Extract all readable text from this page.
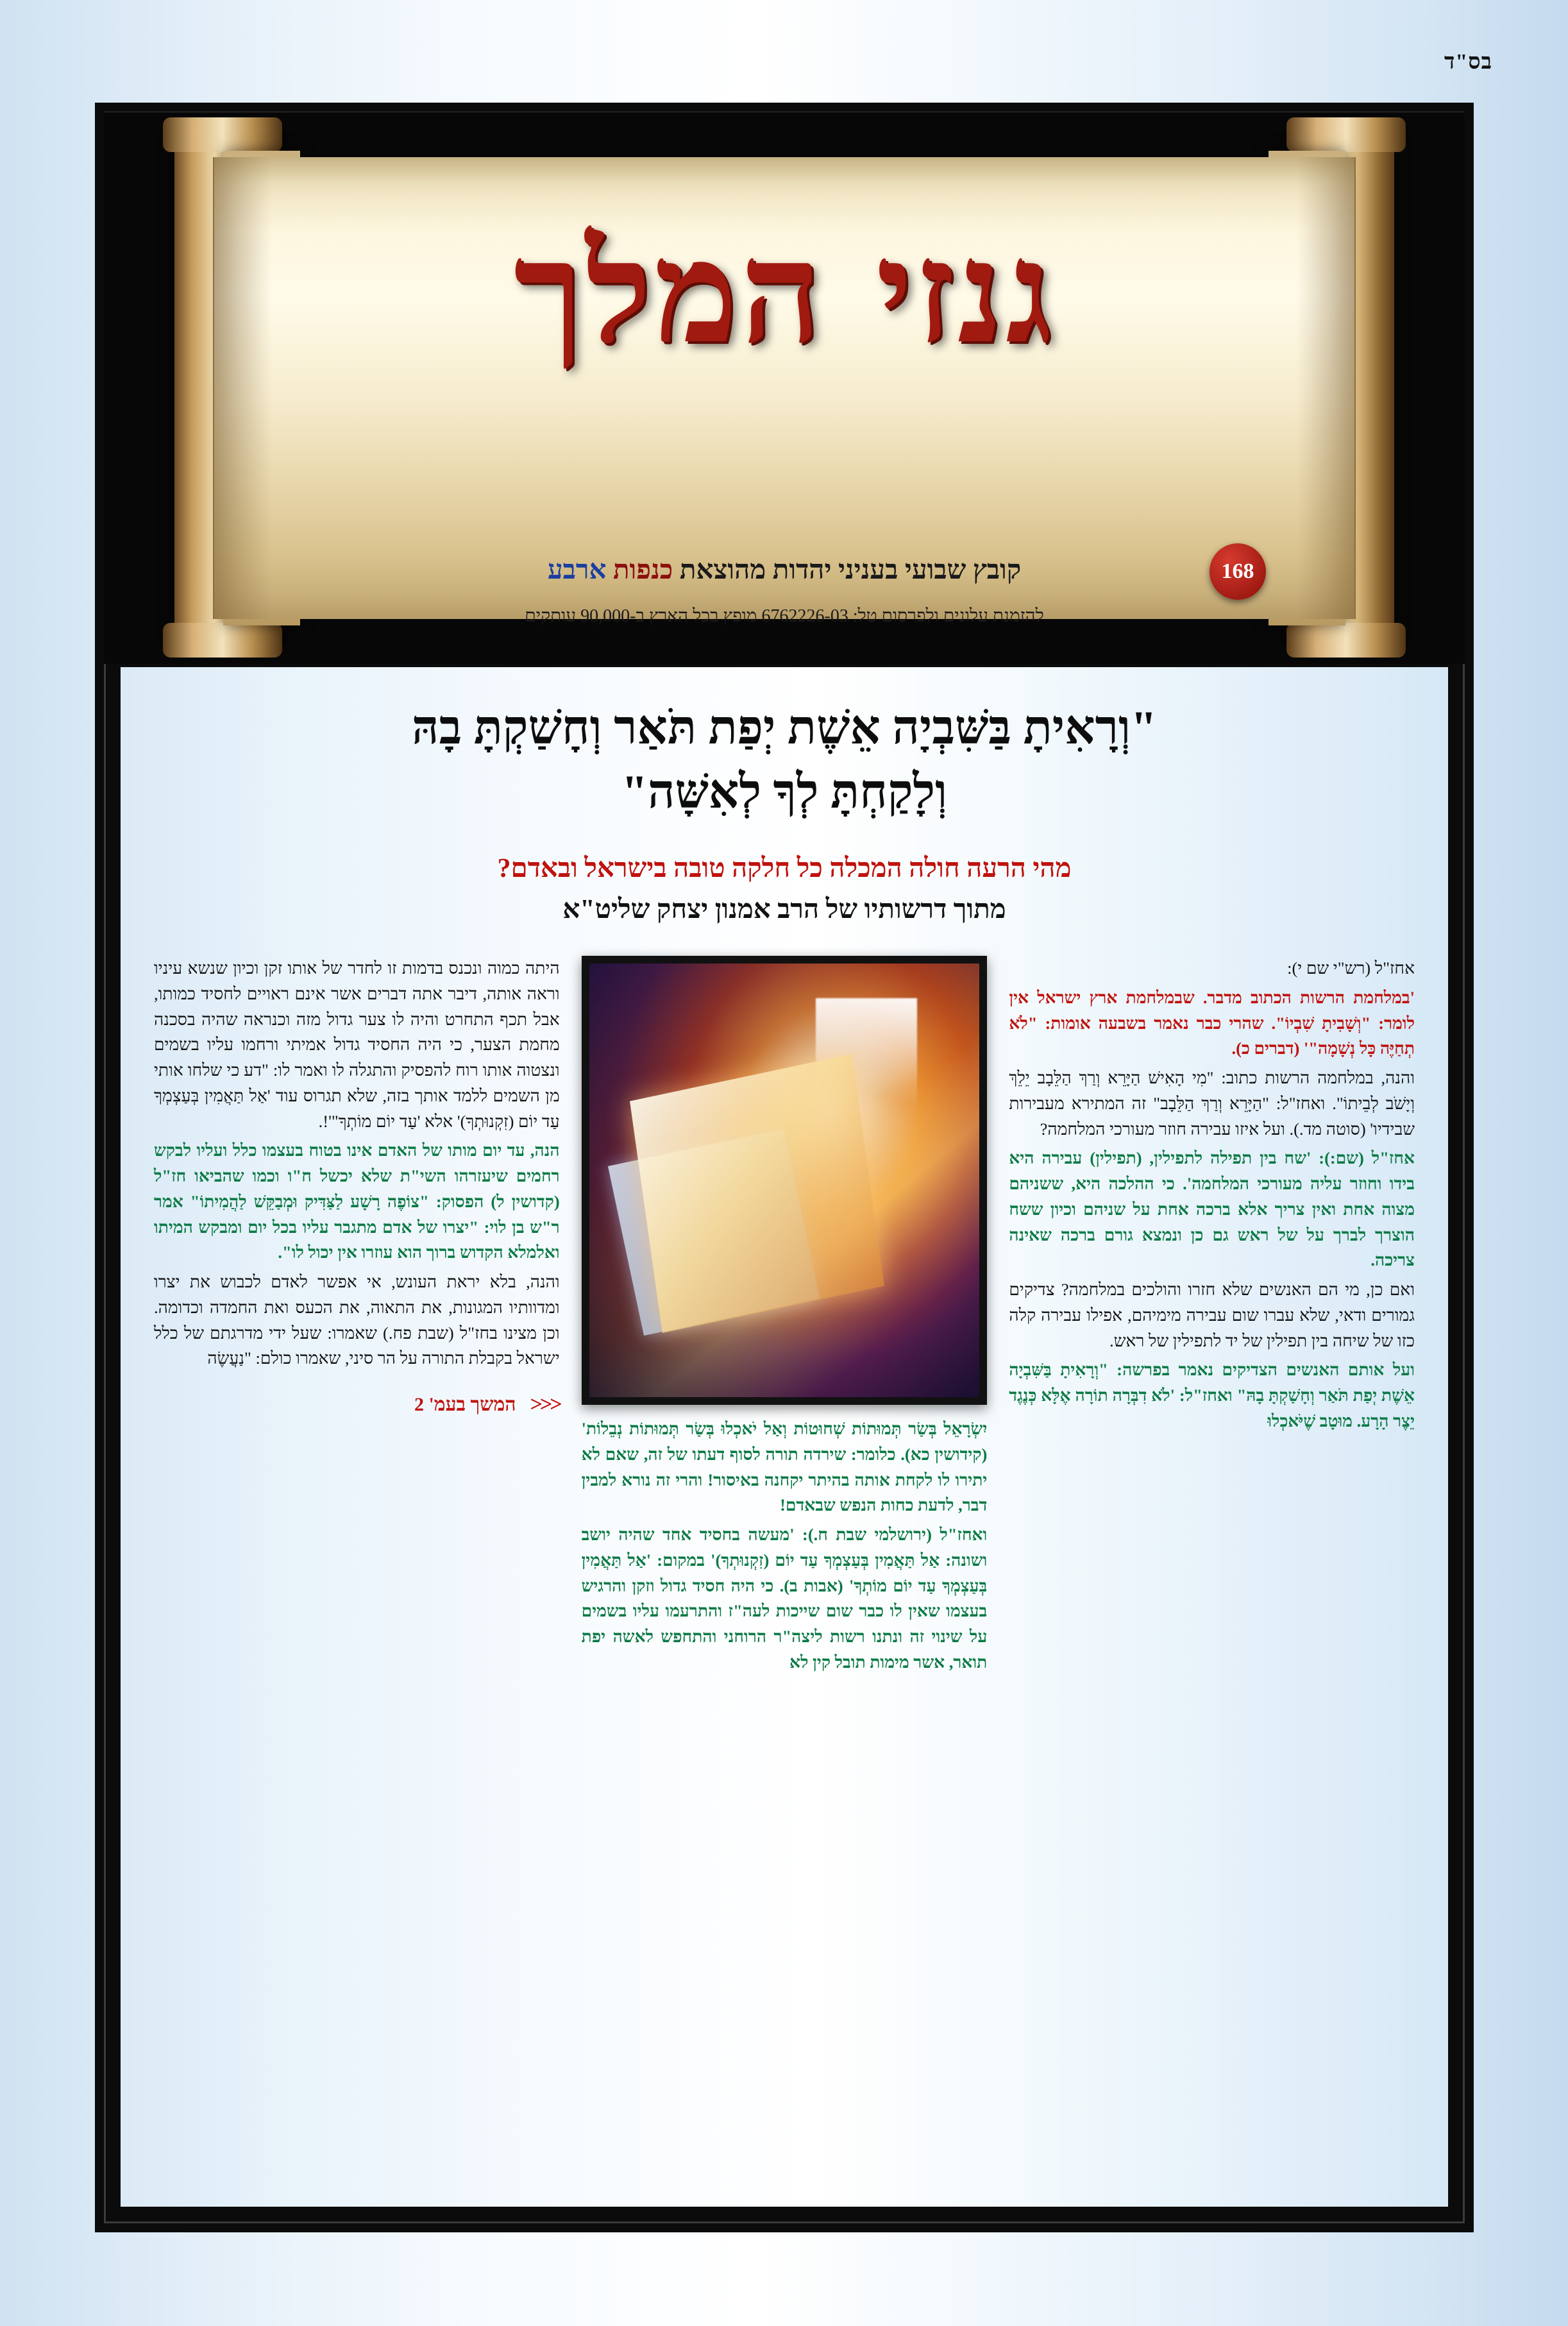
בס"ד
גנזי המלך
קובץ שבועי בעניני יהדות מהוצאת כנפות ארבע	168
להזמנת עלונים ולפרסום טל: 6762226-03 מופץ בכל הארץ ב-90,000 עותקים
"וְרָאִיתָ בַּשִּׁבְיָה אֵשֶׁת יְפַת תֹּאַר וְחָשַׁקְתָּ בָהּ
וְלָקַחְתָּ לְךָ לְאִשָּׁה"
מהי הרעה חולה המכלה כל חלקה טובה בישראל ובאדם?
מתוך דרשותיו של הרב אמנון יצחק שליט"א

אחז"ל (רש"י שם י):

'במלחמת הרשות הכתוב מדבר. שבמלחמת ארץ ישראל אין לומר: "וְשָׁבִיתָ שִׁבְיוֹ". שהרי כבר נאמר בשבעה אומות: "לֹא תְחַיֶּה כָּל נְשָׁמָה"' (דברים כ).

והנה, במלחמה הרשות כתוב: "מִי הָאִישׁ הַיָּרֵא וְרַךְ הַלֵּבָב יֵלֵךְ וְיָשֹׁב לְבֵיתוֹ". ואחז"ל: "הַיָּרֵא וְרַךְ הַלֵּבָב" זה המתירא מעבירות שבידיו' (סוטה מד.). ועל איזו עבירה חוזר מעורכי המלחמה?

אחז"ל (שם:): 'שח בין תפילה לתפילין, (תפילין) עבירה היא בידו וחוזר עליה מעורכי המלחמה'. כי ההלכה היא, ששניהם מצוה אחת ואין צריך אלא ברכה אחת על שניהם וכיון ששח הוצרך לברך על של ראש גם כן ונמצא גורם ברכה שאינה צריכה.

ואם כן, מי הם האנשים שלא חזרו והולכים במלחמה? צדיקים גמורים ודאי, שלא עברו שום עבירה מימיהם, אפילו עבירה קלה כזו של שיחה בין תפילין של יד לתפילין של ראש.

ועל אותם האנשים הצדיקים נאמר בפרשה: "וְרָאִיתָ בַּשִּׁבְיָה אֵשֶׁת יְפַת תֹּאַר וְחָשַׁקְתָּ בָהּ" ואחז"ל: 'לֹא דִבְּרָה תוֹרָה אֶלָּא כְּנֶגֶד יֵצֶר הָרָע. מוּטָב שֶׁיֹּאכְלוּ

יִשְׂרָאֵל בְּשַׂר תְּמוּתוֹת שְׁחוּטוֹת וְאַל יֹאכְלוּ בְּשַׂר תְּמוּתוֹת נְבֵלוֹת' (קידושין כא). כלומר: שירדה תורה לסוף דעתו של זה, שאם לא יתירו לו לקחת אותה בהיתר יקחנה באיסור! והרי זה נורא למבין דבר, לדעת כחות הנפש שבאדם!

ואחז"ל (ירושלמי שבת ח.): 'מעשה בחסיד אחד שהיה יושב ושונה: אַל תַּאֲמִין בְּעַצְמְךָ עַד יוֹם (זִקְנוּתְךָ)' במקום: 'אַל תַּאֲמִין בְּעַצְמְךָ עַד יוֹם מוֹתְךָ' (אבות ב). כי היה חסיד גדול וזקן והרגיש בעצמו שאין לו כבר שום שייכות לעה"ז והתרעמו עליו בשמים על שינוי זה ונתנו רשות ליצה"ר הרוחני והתחפש לאשה יפת תואר, אשר מימות תובל קין לא

היתה כמוה ונכנס בדמות זו לחדר של אותו זקן וכיון שנשא עיניו וראה אותה, דיבר אתה דברים אשר אינם ראויים לחסיד כמותו, אבל תכף התחרט והיה לו צער גדול מזה וכנראה שהיה בסכנה מחמת הצער, כי היה החסיד גדול אמיתי ורחמו עליו בשמים ונצטוה אותו רוח להפסיק והתגלה לו ואמר לו: "דע כי שלחו אותי מן השמים ללמד אותך בזה, שלא תגרוס עוד 'אַל תַּאֲמִין בְּעַצְמְךָ עַד יוֹם (זִקְנוּתְךָ)' אלא 'עַד יוֹם מוֹתְךָ"'!.

הנה, עד יום מותו של האדם אינו בטוח בעצמו כלל ועליו לבקש רחמים שיעזרהו השי"ת שלא יכשל ח"ו וכמו שהביאו חז"ל (קדושין ל) הפסוק: "צוֹפֶה רָשָׁע לַצַּדִּיק וּמְבַקֵּשׁ לַהֲמִיתוֹ" אמר ר"ש בן לוי: "יצרו של אדם מתגבר עליו בכל יום ומבקש המיתו ואלמלא הקדוש ברוך הוא עוזרו אין יכול לו".

והנה, בלא יראת העונש, אי אפשר לאדם לכבוש את יצרו ומדוותיו המגונות, את התאוה, את הכעס ואת החמדה וכדומה. וכן מצינו בחז"ל (שבת פח.) שאמרו: שעל ידי מדרגתם של כלל ישראל בקבלת התורה על הר סיני, שאמרו כולם: "נַעֲשֶׂה

<<<
המשך בעמ' 2
